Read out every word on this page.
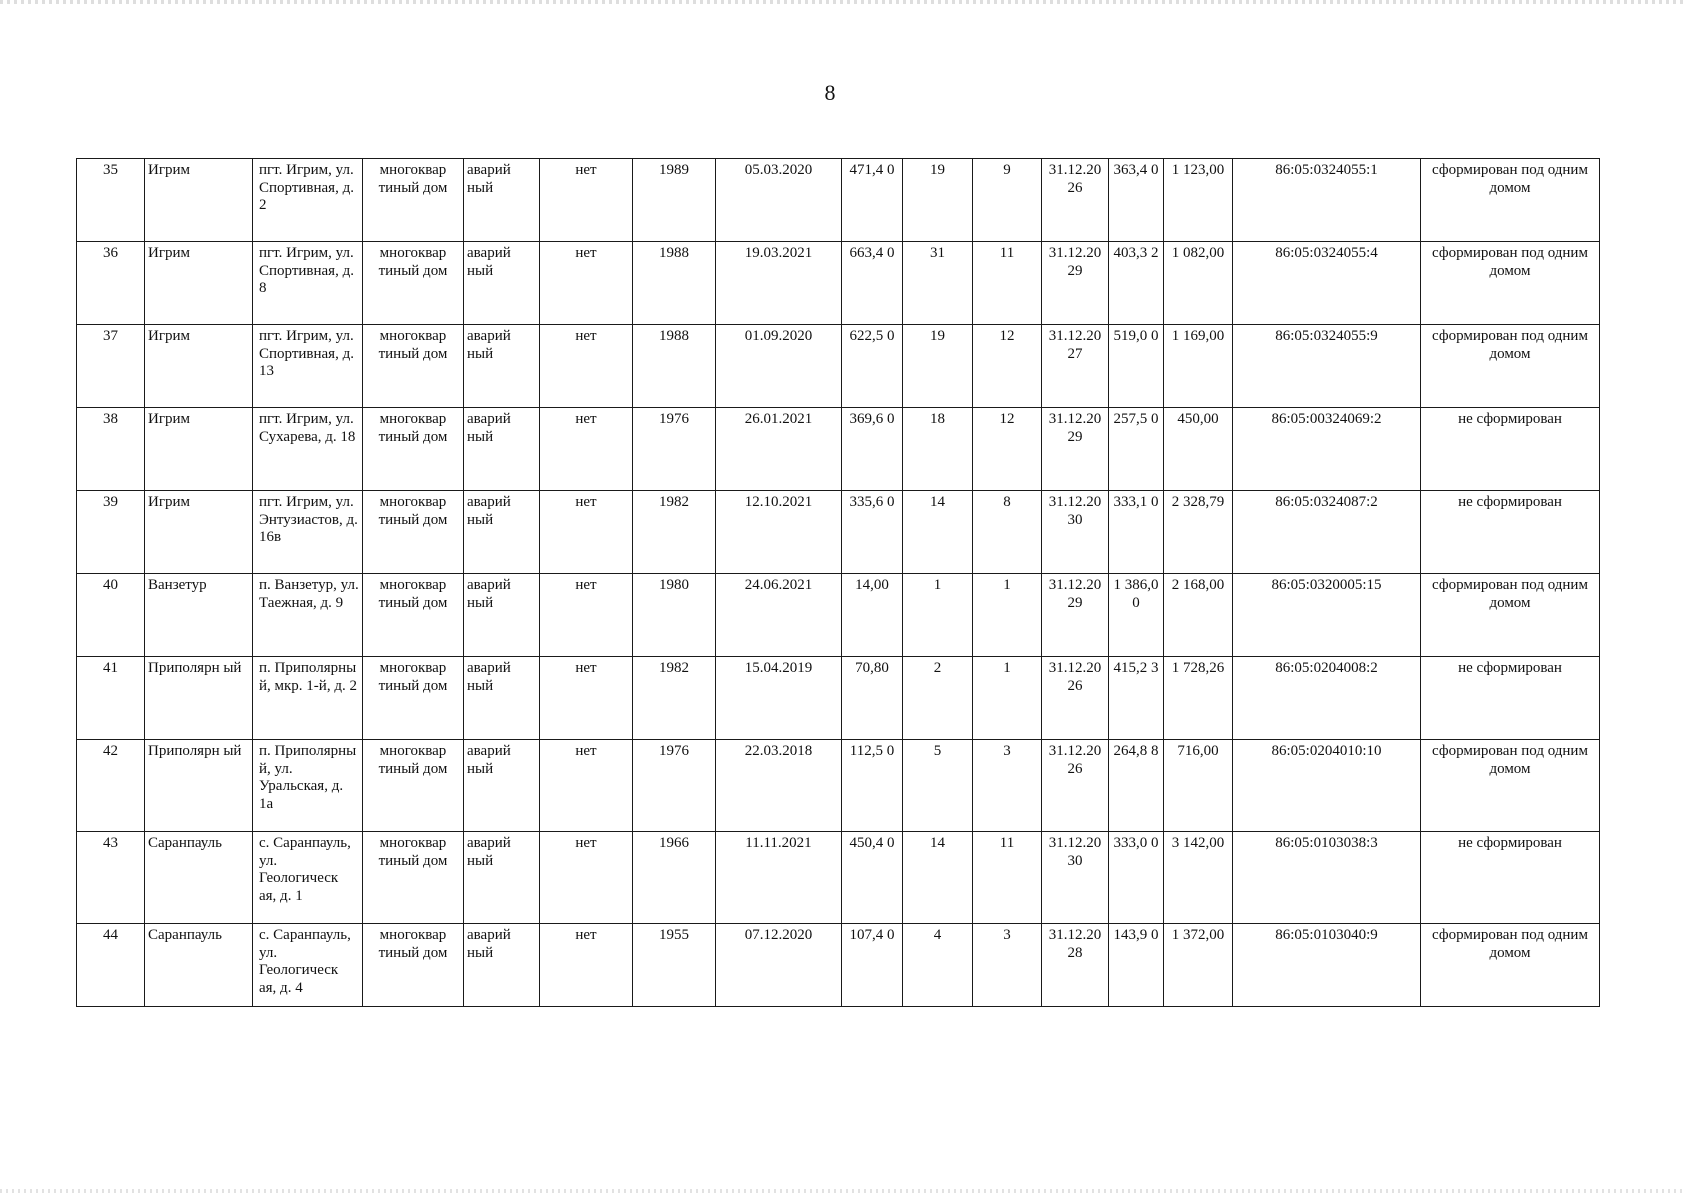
8
35	Игрим	пгт. Игрим, ул. Спортивная, д. 2	многоквар тиный дом	аварий ный	нет	1989	05.03.2020	471,4 0	19	9	31.12.20 26	363,4 0	1 123,00	86:05:0324055:1	сформирован под одним домом
36	Игрим	пгт. Игрим, ул. Спортивная, д. 8	многоквар тиный дом	аварий ный	нет	1988	19.03.2021	663,4 0	31	11	31.12.20 29	403,3 2	1 082,00	86:05:0324055:4	сформирован под одним домом
37	Игрим	пгт. Игрим, ул. Спортивная, д. 13	многоквар тиный дом	аварий ный	нет	1988	01.09.2020	622,5 0	19	12	31.12.20 27	519,0 0	1 169,00	86:05:0324055:9	сформирован под одним домом
38	Игрим	пгт. Игрим, ул. Сухарева, д. 18	многоквар тиный дом	аварий ный	нет	1976	26.01.2021	369,6 0	18	12	31.12.20 29	257,5 0	450,00	86:05:00324069:2	не сформирован
39	Игрим	пгт. Игрим, ул. Энтузиастов, д. 16в	многоквар тиный дом	аварий ный	нет	1982	12.10.2021	335,6 0	14	8	31.12.20 30	333,1 0	2 328,79	86:05:0324087:2	не сформирован
40	Ванзетур	п. Ванзетур, ул. Таежная, д. 9	многоквар тиный дом	аварий ный	нет	1980	24.06.2021	14,00	1	1	31.12.20 29	1 386,0 0	2 168,00	86:05:0320005:15	сформирован под одним домом
41	Приполярн ый	п. Приполярны й, мкр. 1-й, д. 2	многоквар тиный дом	аварий ный	нет	1982	15.04.2019	70,80	2	1	31.12.20 26	415,2 3	1 728,26	86:05:0204008:2	не сформирован
42	Приполярн ый	п. Приполярны й, ул. Уральская, д. 1а	многоквар тиный дом	аварий ный	нет	1976	22.03.2018	112,5 0	5	3	31.12.20 26	264,8 8	716,00	86:05:0204010:10	сформирован под одним домом
43	Саранпауль	с. Саранпауль, ул. Геологическ ая, д. 1	многоквар тиный дом	аварий ный	нет	1966	11.11.2021	450,4 0	14	11	31.12.20 30	333,0 0	3 142,00	86:05:0103038:3	не сформирован
44	Саранпауль	с. Саранпауль, ул. Геологическ ая, д. 4	многоквар тиный дом	аварий ный	нет	1955	07.12.2020	107,4 0	4	3	31.12.20 28	143,9 0	1 372,00	86:05:0103040:9	сформирован под одним домом
